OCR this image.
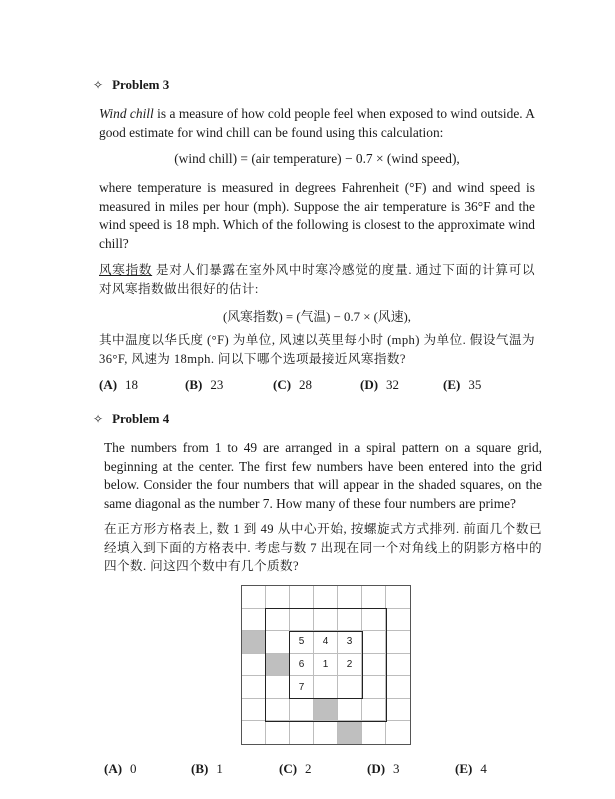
✧ Problem 3
Wind chill is a measure of how cold people feel when exposed to wind outside. A good estimate for wind chill can be found using this calculation:
(wind chill) = (air temperature) − 0.7 × (wind speed),
where temperature is measured in degrees Fahrenheit (°F) and wind speed is measured in miles per hour (mph). Suppose the air temperature is 36°F and the wind speed is 18 mph. Which of the following is closest to the approximate wind chill?
风寒指数 是对人们暴露在室外风中时寒冷感觉的度量. 通过下面的计算可以对风寒指数做出很好的估计:
(风寒指数) = (气温) − 0.7 × (风速),
其中温度以华氏度 (°F) 为单位, 风速以英里每小时 (mph) 为单位. 假设气温为 36°F, 风速为 18mph. 问以下哪个选项最接近风寒指数?
(A) 18	(B) 23	(C) 28	(D) 32	(E) 35
✧ Problem 4
The numbers from 1 to 49 are arranged in a spiral pattern on a square grid, beginning at the center. The first few numbers have been entered into the grid below. Consider the four numbers that will appear in the shaded squares, on the same diagonal as the number 7. How many of these four numbers are prime?
在正方形方格表上, 数 1 到 49 从中心开始, 按螺旋式方式排列. 前面几个数已经填入到下面的方格表中. 考虑与数 7 出现在同一个对角线上的阴影方格中的四个数. 问这四个数中有几个质数?
5	4	3
6	1	2
7
(A) 0	(B) 1	(C) 2	(D) 3	(E) 4
